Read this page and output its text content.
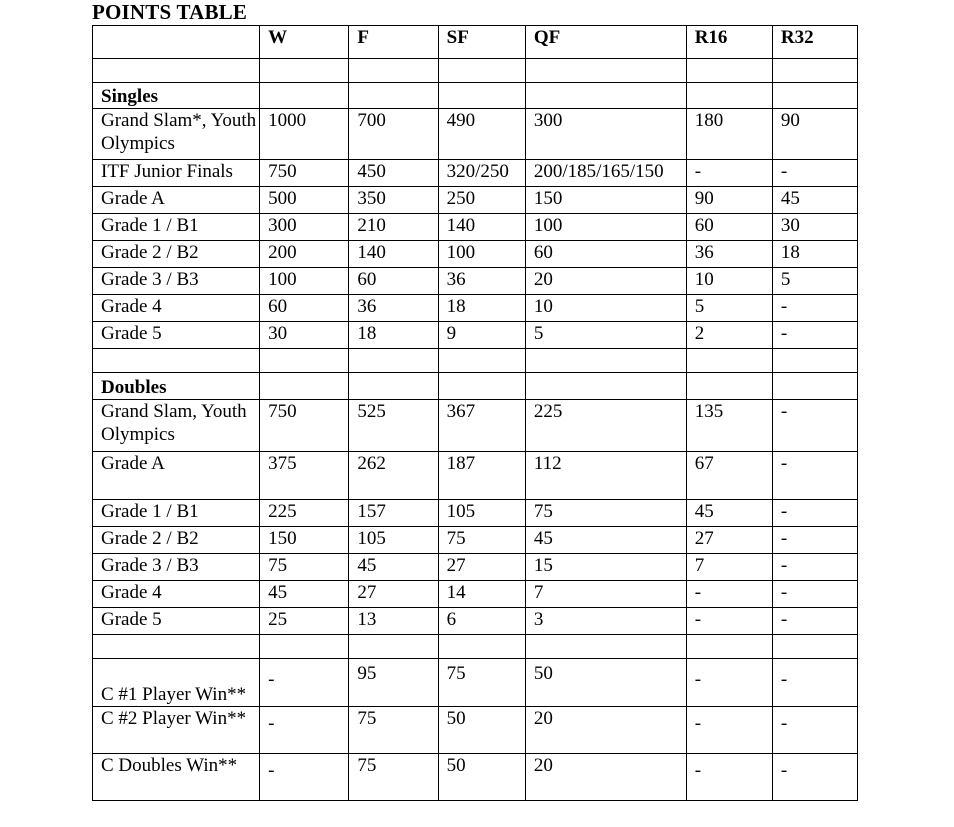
POINTS TABLE
	W	F	SF	QF	R16	R32

Singles						
Grand Slam*, Youth Olympics	1000	700	490	300	180	90
ITF Junior Finals	750	450	320/250	200/185/165/150	-	-
Grade A	500	350	250	150	90	45
Grade 1 / B1	300	210	140	100	60	30
Grade 2 / B2	200	140	100	60	36	18
Grade 3 / B3	100	60	36	20	10	5
Grade 4	60	36	18	10	5	-
Grade 5	30	18	9	5	2	-

Doubles						
Grand Slam, Youth Olympics	750	525	367	225	135	-
Grade A	375	262	187	112	67	-
Grade 1 / B1	225	157	105	75	45	-
Grade 2 / B2	150	105	75	45	27	-
Grade 3 / B3	75	45	27	15	7	-
Grade 4	45	27	14	7	-	-
Grade 5	25	13	6	3	-	-

C #1 Player Win**	-	95	75	50	-	-
C #2 Player Win**	-	75	50	20	-	-
C Doubles Win**	-	75	50	20	-	-
